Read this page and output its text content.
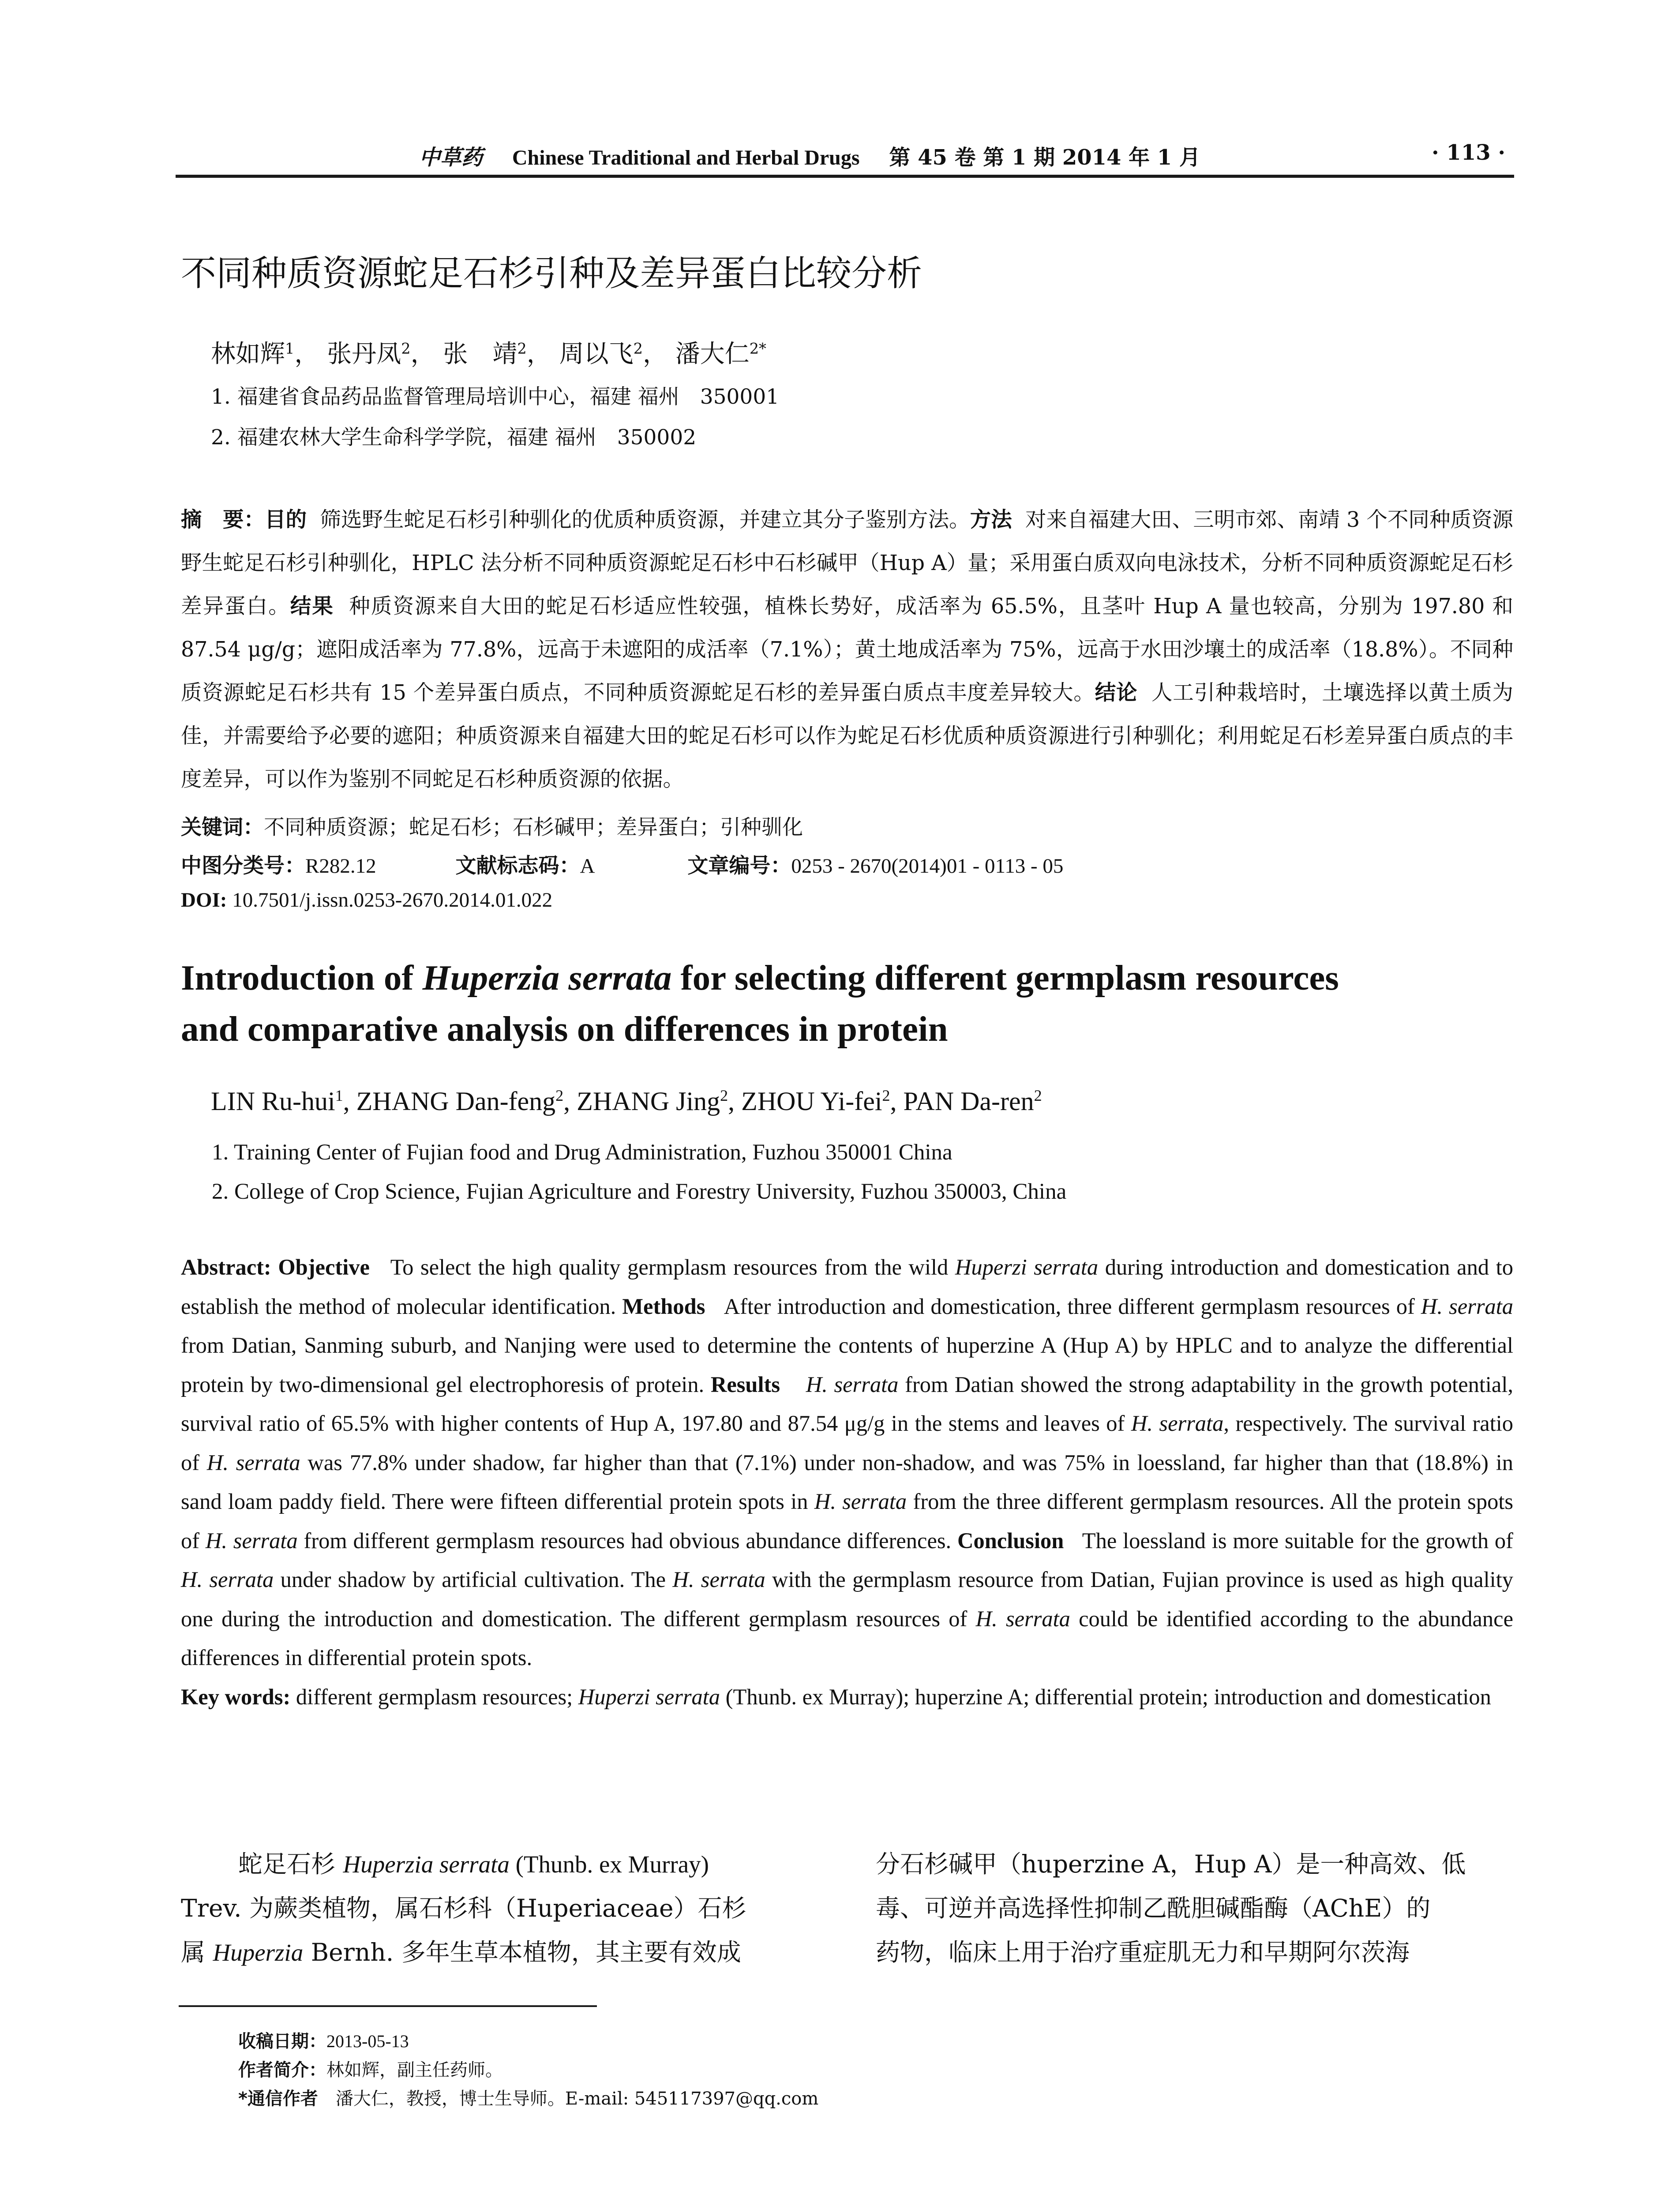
中草药 Chinese Traditional and Herbal Drugs 第 45 卷 第 1 期 2014 年 1 月	· 113 ·
不同种质资源蛇足石杉引种及差异蛋白比较分析
林如辉$^1$， 张丹凤$^2$， 张　靖$^2$， 周以飞$^2$， 潘大仁$^{2*}$
1. 福建省食品药品监督管理局培训中心，福建 福州　350001
2. 福建农林大学生命科学学院，福建 福州　350002
摘　要：目的 筛选野生蛇足石杉引种驯化的优质种质资源，并建立其分子鉴别方法。方法 对来自福建大田、三明市郊、南靖 3 个不同种质资源野生蛇足石杉引种驯化，HPLC 法分析不同种质资源蛇足石杉中石杉碱甲（Hup A）量；采用蛋白质双向电泳技术，分析不同种质资源蛇足石杉差异蛋白。结果 种质资源来自大田的蛇足石杉适应性较强，植株长势好，成活率为 65.5%，且茎叶 Hup A 量也较高，分别为 197.80 和 87.54 μg/g；遮阳成活率为 77.8%，远高于未遮阳的成活率（7.1%）；黄土地成活率为 75%，远高于水田沙壤土的成活率（18.8%）。不同种质资源蛇足石杉共有 15 个差异蛋白质点，不同种质资源蛇足石杉的差异蛋白质点丰度差异较大。结论 人工引种栽培时，土壤选择以黄土质为佳，并需要给予必要的遮阳；种质资源来自福建大田的蛇足石杉可以作为蛇足石杉优质种质资源进行引种驯化；利用蛇足石杉差异蛋白质点的丰度差异，可以作为鉴别不同蛇足石杉种质资源的依据。
关键词：不同种质资源；蛇足石杉；石杉碱甲；差异蛋白；引种驯化
中图分类号：R282.12	文献标志码：A	文章编号：0253 - 2670(2014)01 - 0113 - 05
DOI: 10.7501/j.issn.0253-2670.2014.01.022
Introduction of Huperzia serrata for selecting different germplasm resources
and comparative analysis on differences in protein
LIN Ru-hui$^1$, ZHANG Dan-feng$^2$, ZHANG Jing$^2$, ZHOU Yi-fei$^2$, PAN Da-ren$^2$
1. Training Center of Fujian food and Drug Administration, Fuzhou 350001 China
2. College of Crop Science, Fujian Agriculture and Forestry University, Fuzhou 350003, China
Abstract: Objective To select the high quality germplasm resources from the wild Huperzi serrata during introduction and domestication and to establish the method of molecular identification. Methods After introduction and domestication, three different germplasm resources of H. serrata from Datian, Sanming suburb, and Nanjing were used to determine the contents of huperzine A (Hup A) by HPLC and to analyze the differential protein by two-dimensional gel electrophoresis of protein. Results H. serrata from Datian showed the strong adaptability in the growth potential, survival ratio of 65.5% with higher contents of Hup A, 197.80 and 87.54 μg/g in the stems and leaves of H. serrata, respectively. The survival ratio of H. serrata was 77.8% under shadow, far higher than that (7.1%) under non-shadow, and was 75% in loessland, far higher than that (18.8%) in sand loam paddy field. There were fifteen differential protein spots in H. serrata from the three different germplasm resources. All the protein spots of H. serrata from different germplasm resources had obvious abundance differences. Conclusion The loessland is more suitable for the growth of H. serrata under shadow by artificial cultivation. The H. serrata with the germplasm resource from Datian, Fujian province is used as high quality one during the introduction and domestication. The different germplasm resources of H. serrata could be identified according to the abundance differences in differential protein spots.
Key words: different germplasm resources; Huperzi serrata (Thunb. ex Murray); huperzine A; differential protein; introduction and domestication
蛇足石杉 Huperzia serrata (Thunb. ex Murray)
Trev. 为蕨类植物，属石杉科（Huperiaceae）石杉
属 Huperzia Bernh. 多年生草本植物，其主要有效成
分石杉碱甲（huperzine A，Hup A）是一种高效、低
毒、可逆并高选择性抑制乙酰胆碱酯酶（AChE）的
药物，临床上用于治疗重症肌无力和早期阿尔茨海
收稿日期：2013-05-13
作者简介：林如辉，副主任药师。
*通信作者　潘大仁，教授，博士生导师。E-mail: 545117397@qq.com
